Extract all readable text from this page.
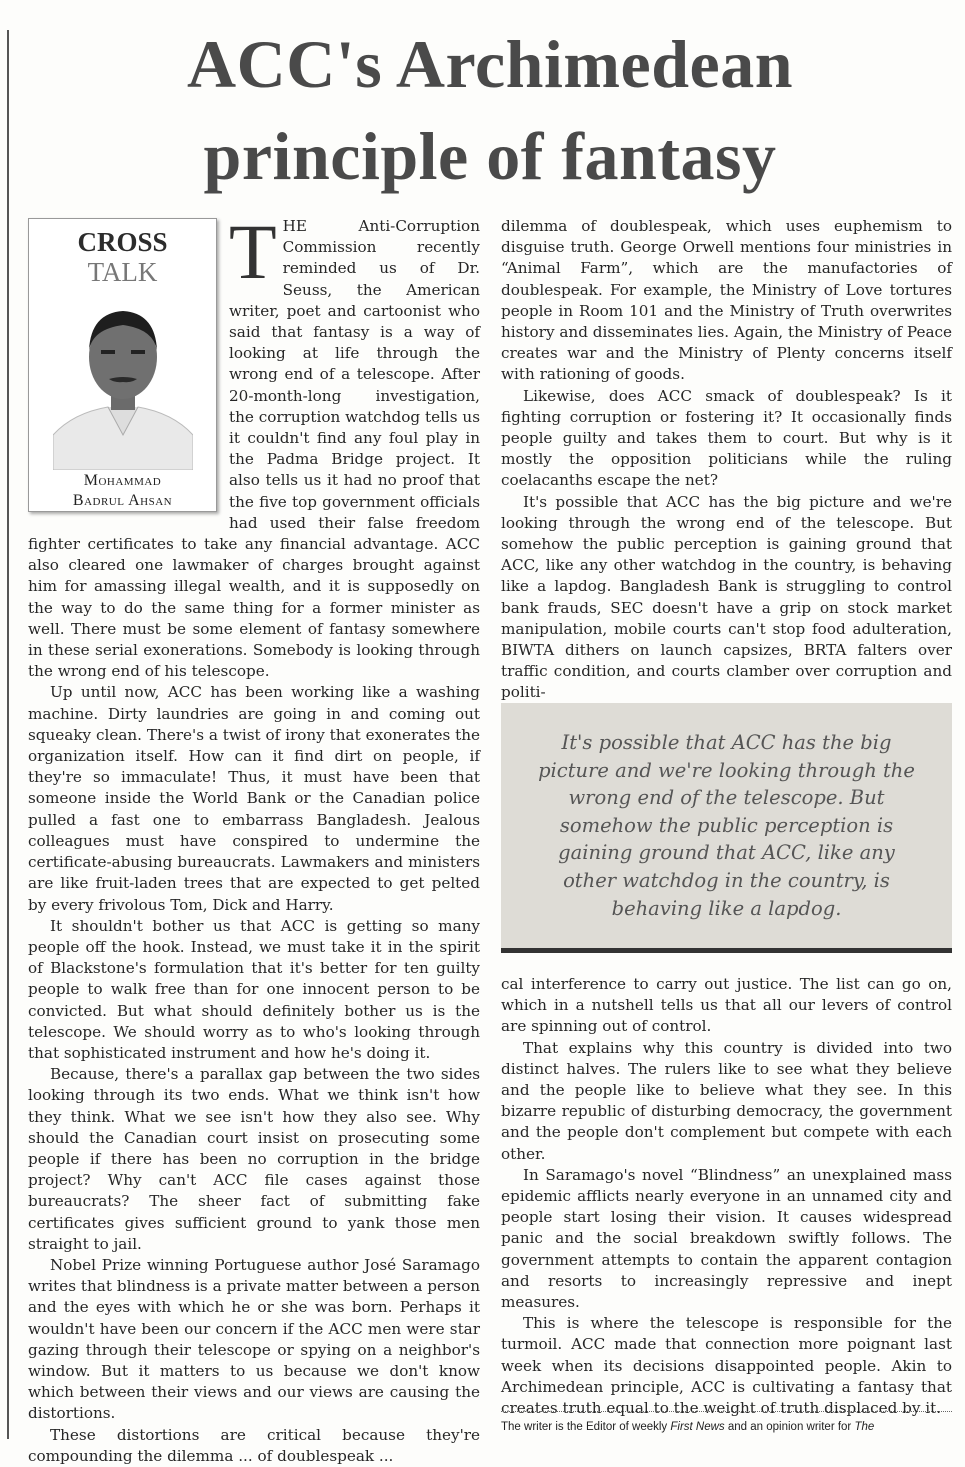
ACC's Archimedean principle of fantasy
CROSS
TALK
Mohammad
Badrul Ahsan

THE Anti-Corruption Commission recently reminded us of Dr. Seuss, the American writer, poet and cartoonist who said that fantasy is a way of looking at life through the wrong end of a telescope. After 20-month-long investigation, the corruption watchdog tells us it couldn't find any foul play in the Padma Bridge project. It also tells us it had no proof that the five top government officials had used their false freedom fighter certificates to take any financial advantage. ACC also cleared one lawmaker of charges brought against him for amassing illegal wealth, and it is supposedly on the way to do the same thing for a former minister as well. There must be some element of fantasy somewhere in these serial exonerations. Somebody is looking through the wrong end of his telescope.

Up until now, ACC has been working like a washing machine. Dirty laundries are going in and coming out squeaky clean. There's a twist of irony that exonerates the organization itself. How can it find dirt on people, if they're so immaculate! Thus, it must have been that someone inside the World Bank or the Canadian police pulled a fast one to embarrass Bangladesh. Jealous colleagues must have conspired to undermine the certificate-abusing bureaucrats. Lawmakers and ministers are like fruit-laden trees that are expected to get pelted by every frivolous Tom, Dick and Harry.

It shouldn't bother us that ACC is getting so many people off the hook. Instead, we must take it in the spirit of Blackstone's formulation that it's better for ten guilty people to walk free than for one innocent person to be convicted. But what should definitely bother us is the telescope. We should worry as to who's looking through that sophisticated instrument and how he's doing it.

Because, there's a parallax gap between the two sides looking through its two ends. What we think isn't how they think. What we see isn't how they also see. Why should the Canadian court insist on prosecuting some people if there has been no corruption in the bridge project? Why can't ACC file cases against those bureaucrats? The sheer fact of submitting fake certificates gives sufficient ground to yank those men straight to jail.

Nobel Prize winning Portuguese author José Saramago writes that blindness is a private matter between a person and the eyes with which he or she was born. Perhaps it wouldn't have been our concern if the ACC men were star gazing through their telescope or spying on a neighbor's window. But it matters to us because we don't know which between their views and our views are causing the distortions.

These distortions are critical because they're compounding the dilemma ... of doublespeak ...

dilemma of doublespeak, which uses euphemism to disguise truth. George Orwell mentions four ministries in “Animal Farm”, which are the manufactories of doublespeak. For example, the Ministry of Love tortures people in Room 101 and the Ministry of Truth overwrites history and disseminates lies. Again, the Ministry of Peace creates war and the Ministry of Plenty concerns itself with rationing of goods.

Likewise, does ACC smack of doublespeak? Is it fighting corruption or fostering it? It occasionally finds people guilty and takes them to court. But why is it mostly the opposition politicians while the ruling coelacanths escape the net?

It's possible that ACC has the big picture and we're looking through the wrong end of the telescope. But somehow the public perception is gaining ground that ACC, like any other watchdog in the country, is behaving like a lapdog. Bangladesh Bank is struggling to control bank frauds, SEC doesn't have a grip on stock market manipulation, mobile courts can't stop food adulteration, BIWTA dithers on launch capsizes, BRTA falters over traffic condition, and courts clamber over corruption and politi-

It's possible that ACC has the big picture and we're looking through the wrong end of the telescope. But somehow the public perception is gaining ground that ACC, like any other watchdog in the country, is behaving like a lapdog.

cal interference to carry out justice. The list can go on, which in a nutshell tells us that all our levers of control are spinning out of control.

That explains why this country is divided into two distinct halves. The rulers like to see what they believe and the people like to believe what they see. In this bizarre republic of disturbing democracy, the government and the people don't complement but compete with each other.

In Saramago's novel “Blindness” an unexplained mass epidemic afflicts nearly everyone in an unnamed city and people start losing their vision. It causes widespread panic and the social breakdown swiftly follows. The government attempts to contain the apparent contagion and resorts to increasingly repressive and inept measures.

This is where the telescope is responsible for the turmoil. ACC made that connection more poignant last week when its decisions disappointed people. Akin to Archimedean principle, ACC is cultivating a fantasy that creates truth equal to the weight of truth displaced by it.

The writer is the Editor of weekly First News and an opinion writer for The
